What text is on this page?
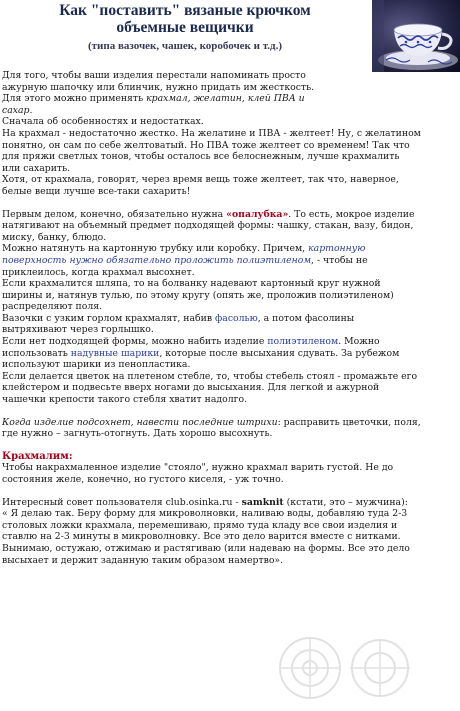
Как "поставить" вязаные крючком
объемные вещички
(типа вазочек, чашек, коробочек и т.д.)

Для того, чтобы ваши изделия перестали напоминать просто
ажурную шапочку или блинчик, нужно придать им жесткость.
Для этого можно применять крахмал, желатин, клей ПВА и
сахар.

Сначала об особенностях и недостатках.

На крахмал - недостаточно жестко. На желатине и ПВА - желтеет! Ну, с желатином
понятно, он сам по себе желтоватый. Но ПВА тоже желтеет со временем! Так что
для пряжи светлых тонов, чтобы осталось все белоснежным, лучше крахмалить
или сахарить.

Хотя, от крахмала, говорят, через время вещь тоже желтеет, так что, наверное,
белые вещи лучше все-таки сахарить!

Первым делом, конечно, обязательно нужна «опалубка». То есть, мокрое изделие
натягивают на объемный предмет подходящей формы: чашку, стакан, вазу, бидон,
миску, банку, блюдо.

Можно натянуть на картонную трубку или коробку. Причем, картонную
поверхность нужно обязательно проложить полиэтиленом, - чтобы не
приклеилось, когда крахмал высохнет.

Если крахмалится шляпа, то на болванку надевают картонный круг нужной
ширины и, натянув тулью, по этому кругу (опять же, проложив полиэтиленом)
распределяют поля.

Вазочки с узким горлом крахмалят, набив фасолью, а потом фасолины
вытряхивают через горлышко.

Если нет подходящей формы, можно набить изделие полиэтиленом. Можно
использовать надувные шарики, которые после высыхания сдувать. За рубежом
используют шарики из пенопластика.

Если делается цветок на плетеном стебле, то, чтобы стебель стоял - промажьте его
клейстером и подвесьте вверх ногами до высыхания. Для легкой и ажурной
чашечки крепости такого стебля хватит надолго.

Когда изделие подсохнет, навести последние штрихи: расправить цветочки, поля,
где нужно – загнуть-отогнуть. Дать хорошо высохнуть.

Крахмалим:

Чтобы накрахмаленное изделие "стояло", нужно крахмал варить густой. Не до
состояния желе, конечно, но густого киселя, - уж точно.

Интересный совет пользователя club.osinka.ru - samknit (кстати, это – мужчина):

« Я делаю так. Беру форму для микроволновки, наливаю воды, добавляю туда 2-3
столовых ложки крахмала, перемешиваю, прямо туда кладу все свои изделия и
ставлю на 2-3 минуты в микроволновку. Все это дело варится вместе с нитками.
Вынимаю, остужаю, отжимаю и растягиваю (или надеваю на формы. Все это дело
высыхает и держит заданную таким образом намертво».
